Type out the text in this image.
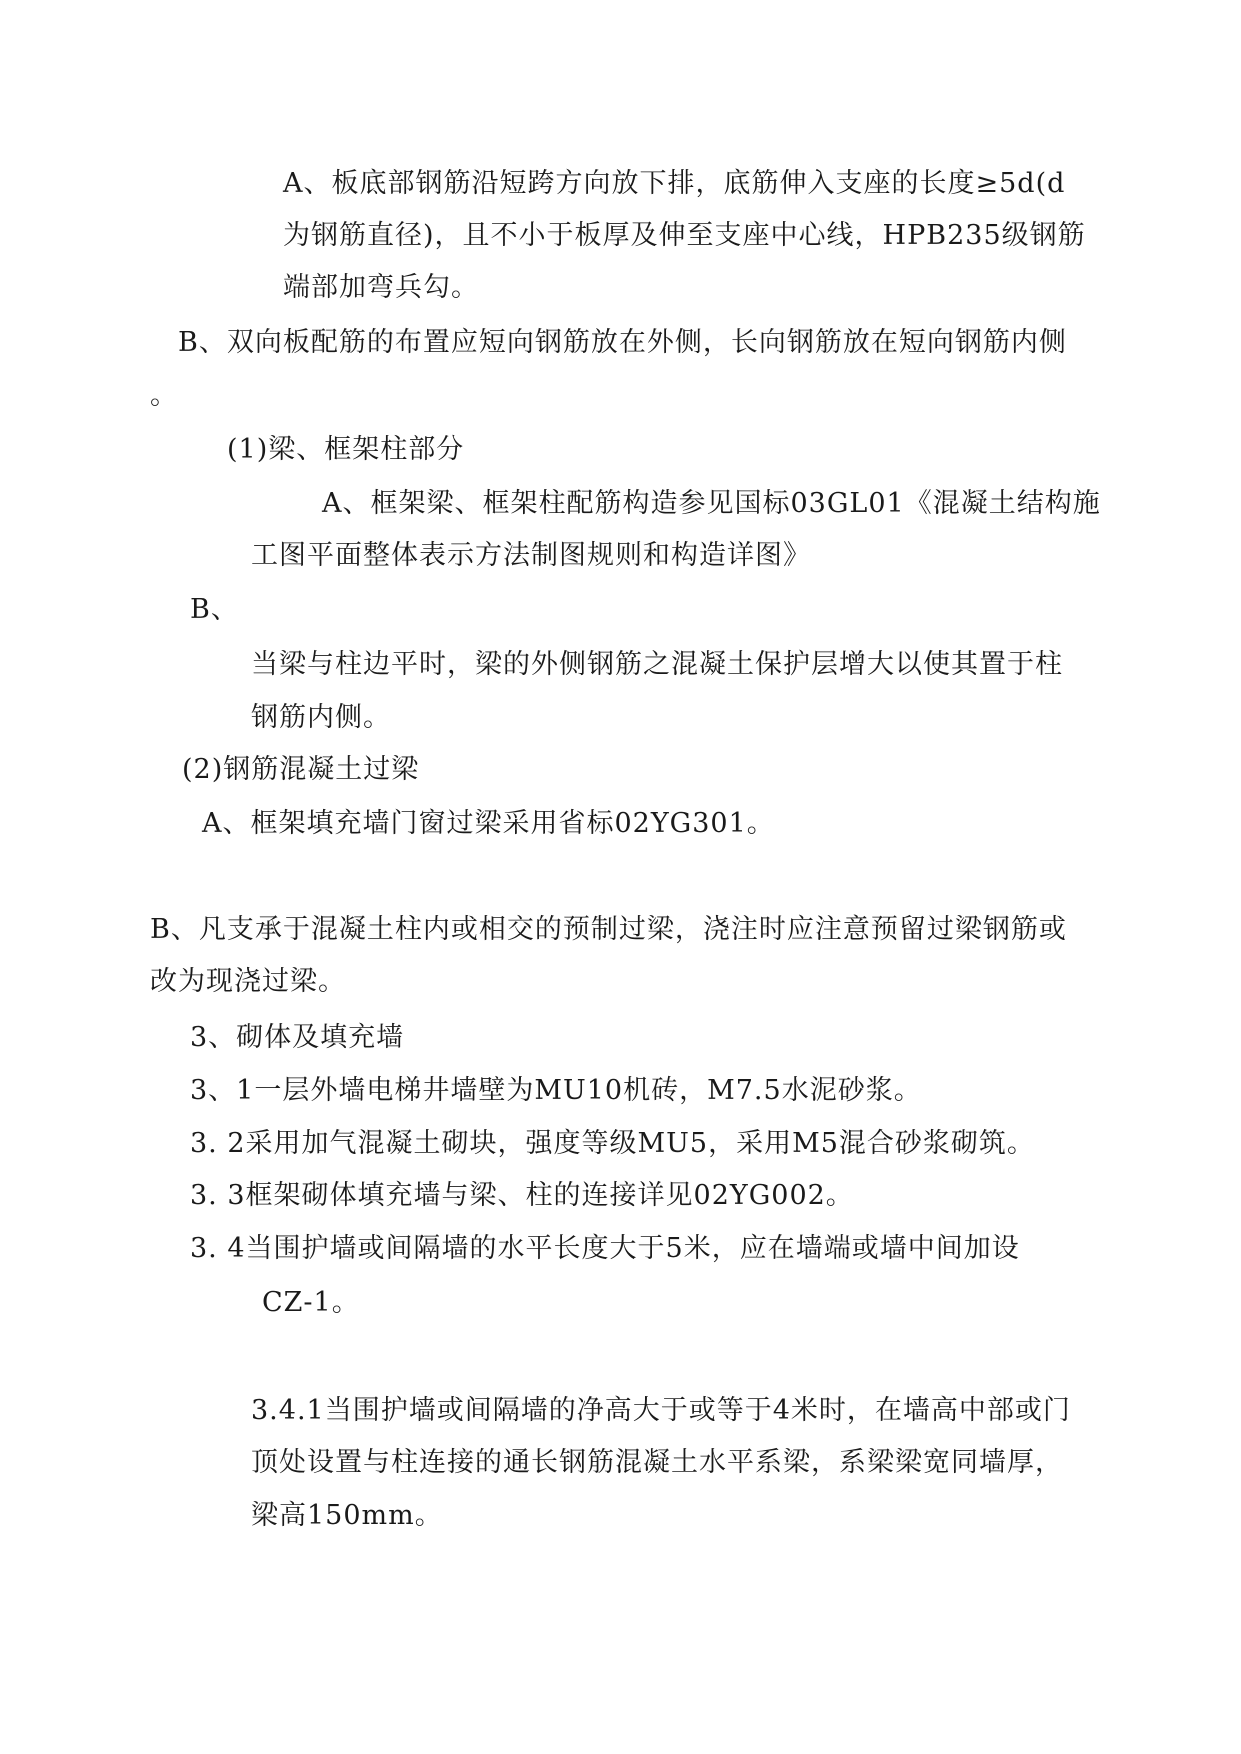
A、板底部钢筋沿短跨方向放下排，底筋伸入支座的长度≥5d(d
为钢筋直径)，且不小于板厚及伸至支座中心线，HPB235级钢筋
端部加弯兵勾。
B、双向板配筋的布置应短向钢筋放在外侧，长向钢筋放在短向钢筋内侧
。
(1)梁、框架柱部分
A、框架梁、框架柱配筋构造参见国标03GL01《混凝土结构施
工图平面整体表示方法制图规则和构造详图》
B、
当梁与柱边平时，梁的外侧钢筋之混凝土保护层增大以使其置于柱
钢筋内侧。
(2)钢筋混凝土过梁
A、框架填充墙门窗过梁采用省标02YG301。
B、凡支承于混凝土柱内或相交的预制过梁，浇注时应注意预留过梁钢筋或
改为现浇过梁。
3、砌体及填充墙
3、1一层外墙电梯井墙壁为MU10机砖，M7.5水泥砂浆。
3. 2采用加气混凝土砌块，强度等级MU5，采用M5混合砂浆砌筑。
3. 3框架砌体填充墙与梁、柱的连接详见02YG002。
3. 4当围护墙或间隔墙的水平长度大于5米，应在墙端或墙中间加设
CZ-1。
3.4.1当围护墙或间隔墙的净高大于或等于4米时，在墙高中部或门
顶处设置与柱连接的通长钢筋混凝土水平系梁，系梁梁宽同墙厚，
梁高150mm。
